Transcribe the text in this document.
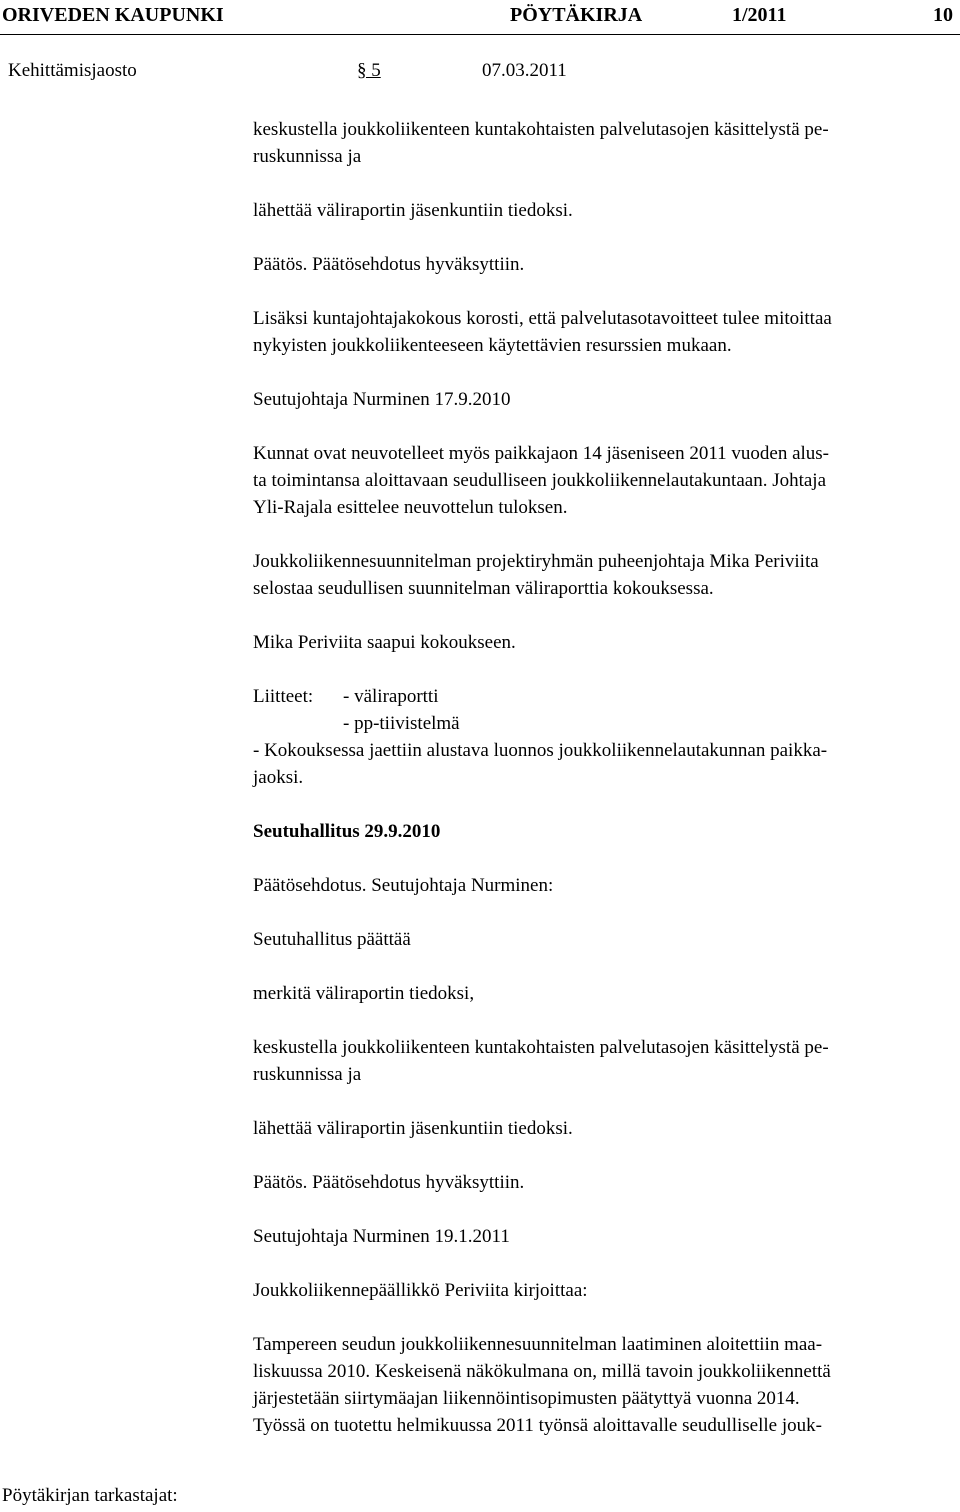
ORIVEDEN KAUPUNKI	PÖYTÄKIRJA	1/2011	10
Kehittämisjaosto	§ 5	07.03.2011

keskustella joukkoliikenteen kuntakohtaisten palvelutasojen käsittelystä pe-
ruskunnissa ja

lähettää väliraportin jäsenkuntiin tiedoksi.

Päätös. Päätösehdotus hyväksyttiin.

Lisäksi kuntajohtajakokous korosti, että palvelutasotavoitteet tulee mitoittaa
nykyisten joukkoliikenteeseen käytettävien resurssien mukaan.

Seutujohtaja Nurminen 17.9.2010

Kunnat ovat neuvotelleet myös paikkajaon 14 jäseniseen 2011 vuoden alus-
ta toimintansa aloittavaan seudulliseen joukkoliikennelautakuntaan. Johtaja
Yli-Rajala esittelee neuvottelun tuloksen.

Joukkoliikennesuunnitelman projektiryhmän puheenjohtaja Mika Periviita
selostaa seudullisen suunnitelman väliraporttia kokouksessa.

Mika Periviita saapui kokoukseen.

Liitteet: - väliraportti
- pp-tiivistelmä

- Kokouksessa jaettiin alustava luonnos joukkoliikennelautakunnan paikka-
jaoksi.

Seutuhallitus 29.9.2010

Päätösehdotus. Seutujohtaja Nurminen:

Seutuhallitus päättää

merkitä väliraportin tiedoksi,

keskustella joukkoliikenteen kuntakohtaisten palvelutasojen käsittelystä pe-
ruskunnissa ja

lähettää väliraportin jäsenkuntiin tiedoksi.

Päätös. Päätösehdotus hyväksyttiin.

Seutujohtaja Nurminen 19.1.2011

Joukkoliikennepäällikkö Periviita kirjoittaa:

Tampereen seudun joukkoliikennesuunnitelman laatiminen aloitettiin maa-
liskuussa 2010. Keskeisenä näkökulmana on, millä tavoin joukkoliikennettä
järjestetään siirtymäajan liikennöintisopimusten päätyttyä vuonna 2014.
Työssä on tuotettu helmikuussa 2011 työnsä aloittavalle seudulliselle jouk-

Pöytäkirjan tarkastajat:
